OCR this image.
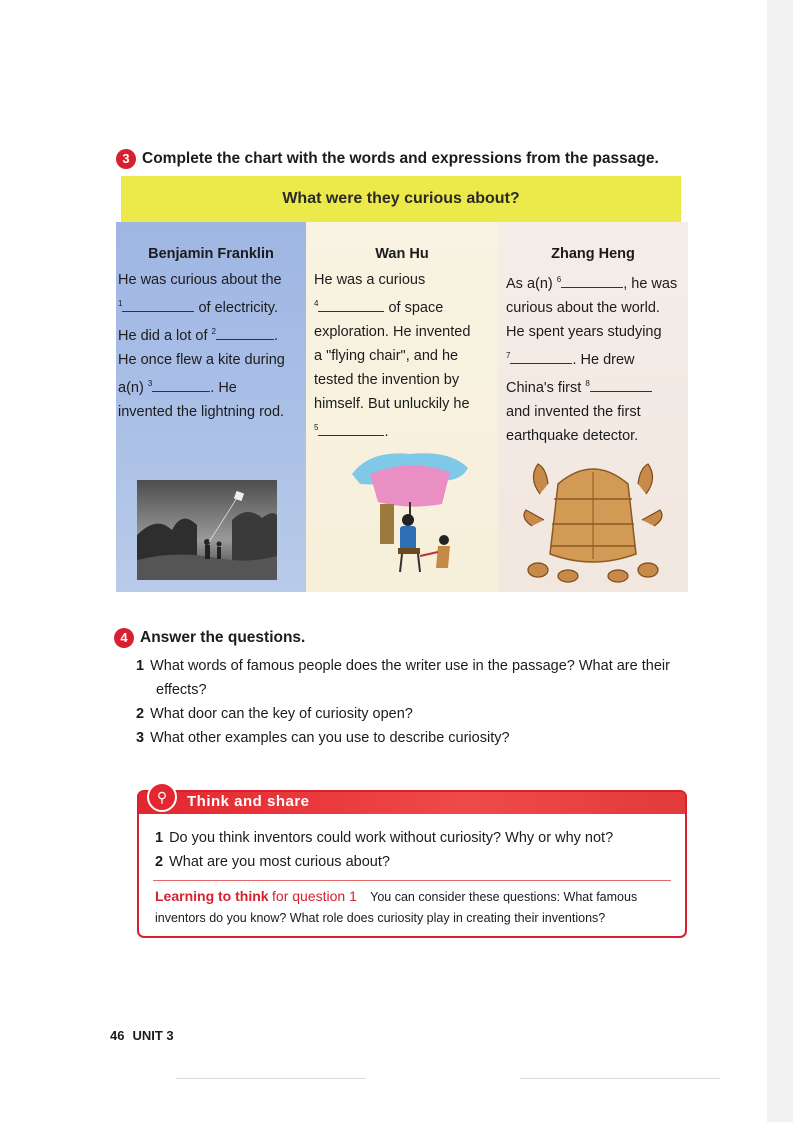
3 Complete the chart with the words and expressions from the passage.
What were they curious about?
Benjamin Franklin

He was curious about the

$^1$	of electricity.

He did a lot of $^2$	.

He once flew a kite during

a(n) $^3$	. He

invented the lightning rod.

Wan Hu

He was a curious

$^4$	of space

exploration. He invented

a "flying chair", and he

tested the invention by

himself. But unluckily he

$^5$	.

Zhang Heng

As a(n) $^6$	, he was

curious about the world.

He spent years studying

$^7$	. He drew

China's first $^8$

and invented the first

earthquake detector.

4 Answer the questions.
1 What words of famous people does the writer use in the passage? What are their effects?
2 What door can the key of curiosity open?
3 What other examples can you use to describe curiosity?
⚲	Think and share
1 Do you think inventors could work without curiosity? Why or why not?
2 What are you most curious about?
Learning to think for question 1 You can consider these questions: What famous inventors do you know? What role does curiosity play in creating their inventions?
46 UNIT 3
